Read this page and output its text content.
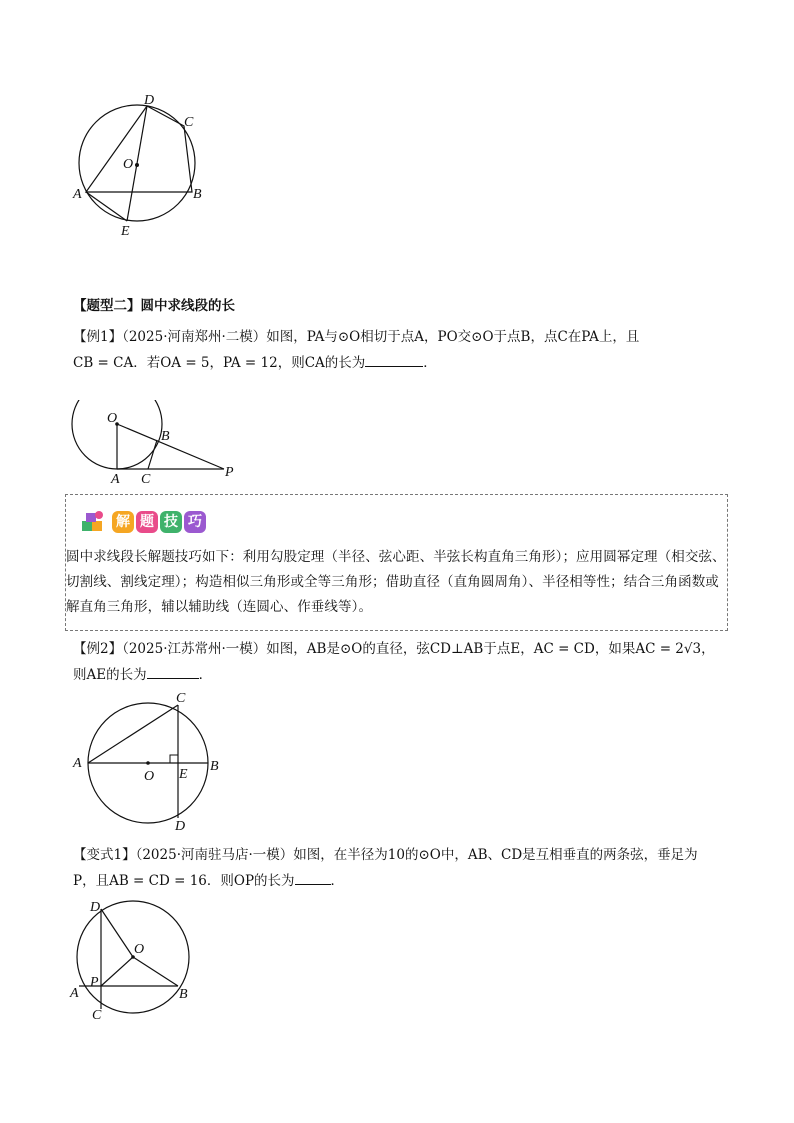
D
C
O
A	B
E
【题型二】圆中求线段的长
【例1】（2025·河南郑州·二模）如图，PA与⊙O相切于点A，PO交⊙O于点B，点C在PA上，且
CB = CA．若OA = 5，PA = 12，则CA的长为	．
O
B
A C	P
解 题 技 巧
圆中求线段长解题技巧如下：利用勾股定理（半径、弦心距、半弦长构直角三角形）；应用圆幂定理（相交弦、切割线、割线定理）；构造相似三角形或全等三角形；借助直径（直角圆周角）、半径相等性；结合三角函数或解直角三角形，辅以辅助线（连圆心、作垂线等）。
【例2】（2025·江苏常州·一模）如图，AB是⊙O的直径，弦CD⊥AB于点E，AC = CD，如果AC = 2√3，
则AE的长为	．
C
A
O E
B
D
【变式1】（2025·河南驻马店·一模）如图，在半径为10的⊙O中，AB、CD是互相垂直的两条弦，垂足为
P，且AB = CD = 16．则OP的长为	．
D
O
P
A	B
C
